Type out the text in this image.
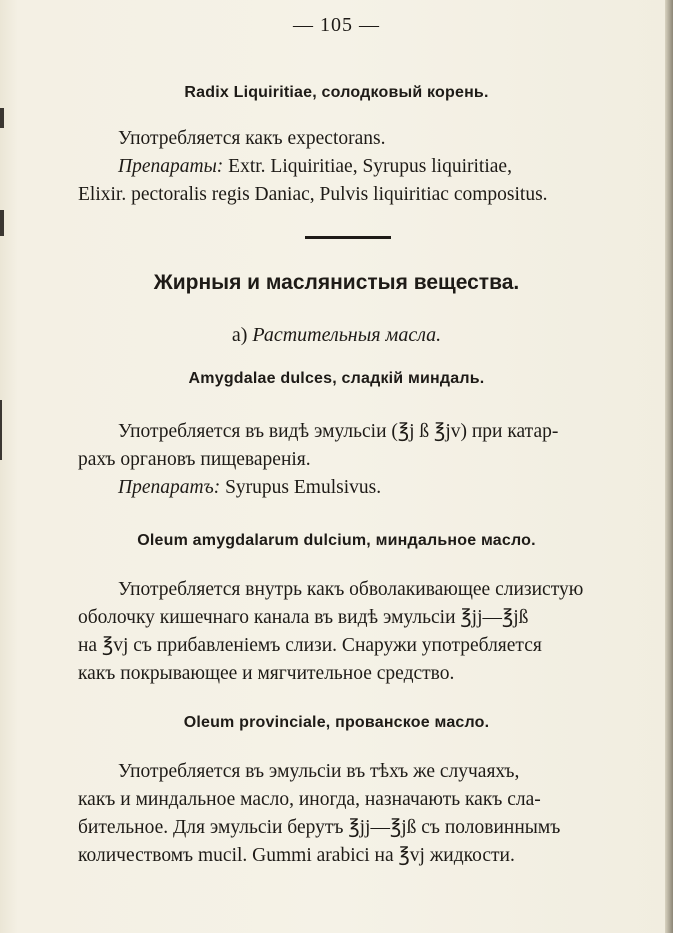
— 105 —
Radix Liquiritiae, солодковый корень.
Употребляется какъ expectorans.
Препараты: Extr. Liquiritiae, Syrupus liquiritiae,
Elixir. pectoralis regis Daniac, Pulvis liquiritiac compositus.
Жирныя и маслянистыя вещества.
a) Растительныя масла.
Amygdalae dulces, сладкій миндаль.
Употребляется въ видѣ эмульсіи (℥j ß ℥jv) при катар-
рахъ органовъ пищеваренія.
Препаратъ: Syrupus Emulsivus.
Oleum amygdalarum dulcium, миндальное масло.
Употребляется внутрь какъ обволакивающее слизистую
оболочку кишечнаго канала въ видѣ эмульсіи ℥jj—℥jß
на ℥vj съ прибавленіемъ слизи. Снаружи употребляется
какъ покрывающее и мягчительное средство.
Oleum provinciale, прованское масло.
Употребляется въ эмульсіи въ тѣхъ же случаяхъ,
какъ и миндальное масло, иногда, назначають какъ сла-
бительное. Для эмульсіи берутъ ℥jj—℥jß съ половиннымъ
количествомъ mucil. Gummi arabici на ℥vj жидкости.
